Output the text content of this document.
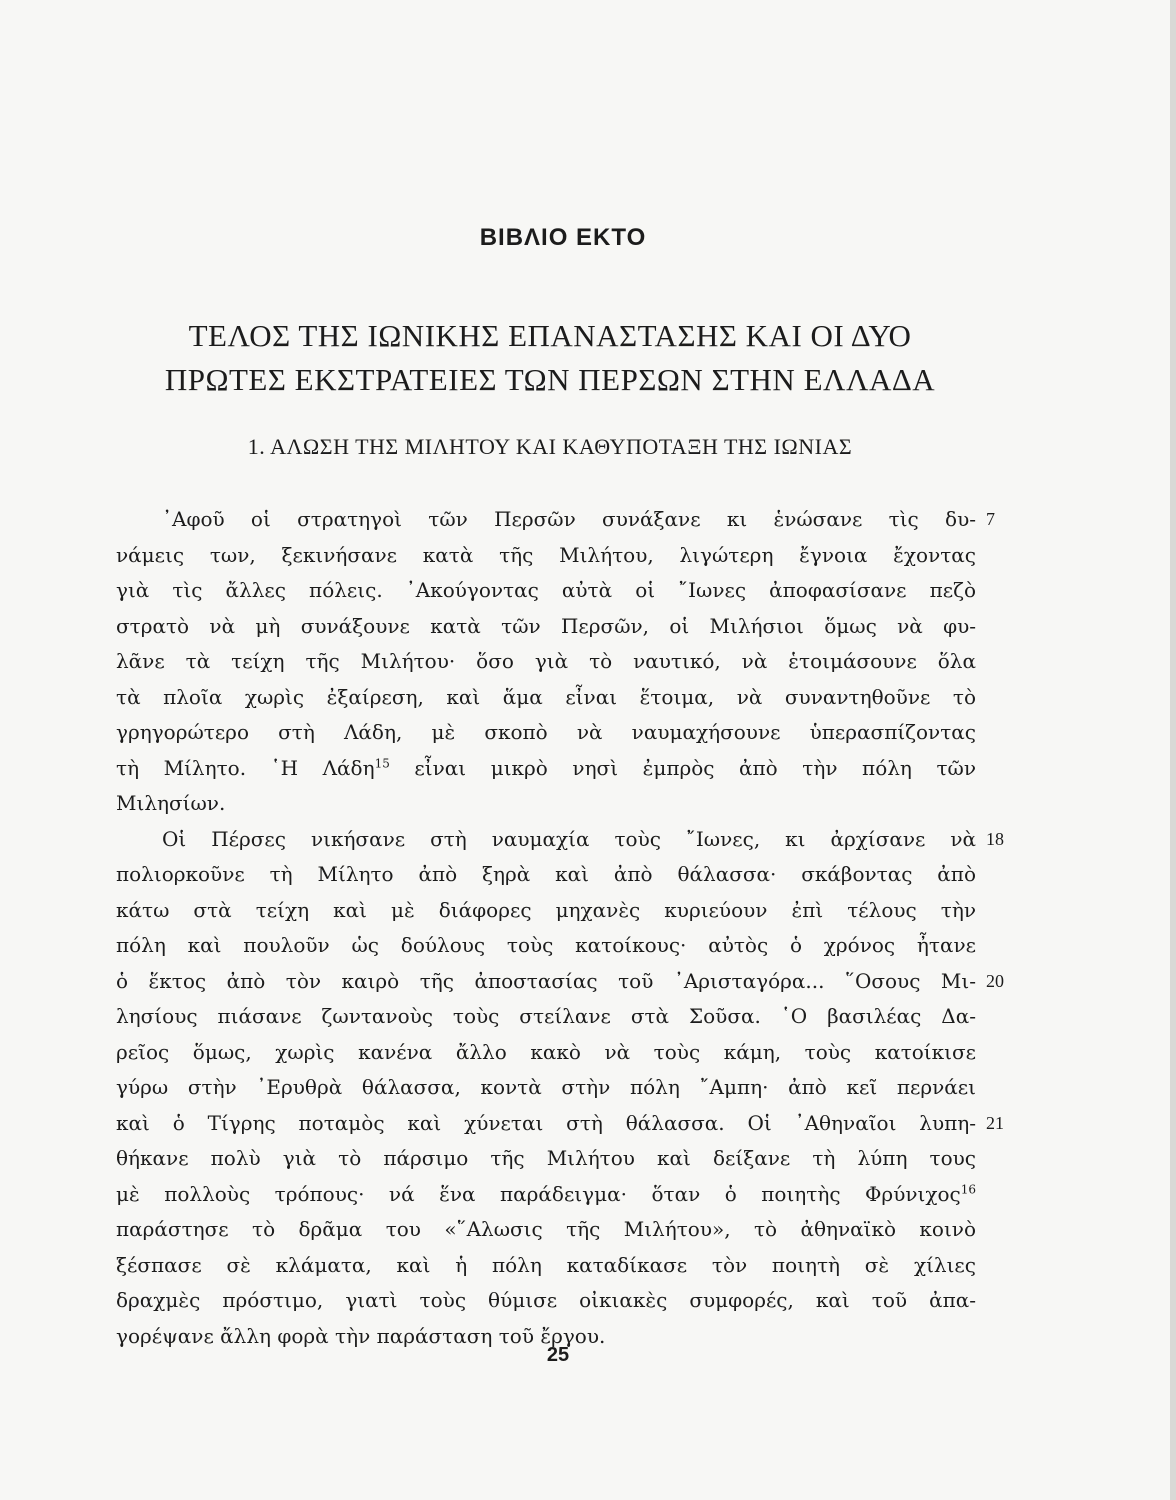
ΒΙΒΛΙΟ ΕΚΤΟ
ΤΕΛΟΣ ΤΗΣ ΙΩΝΙΚΗΣ ΕΠΑΝΑΣΤΑΣΗΣ ΚΑΙ ΟΙ ΔΥΟ
ΠΡΩΤΕΣ ΕΚΣΤΡΑΤΕΙΕΣ ΤΩΝ ΠΕΡΣΩΝ ΣΤΗΝ ΕΛΛΑΔΑ
1. ΑΛΩΣΗ ΤΗΣ ΜΙΛΗΤΟΥ ΚΑΙ ΚΑΘΥΠΟΤΑΞΗ ΤΗΣ ΙΩΝΙΑΣ
᾿Αφοῦ οἱ στρατηγοὶ τῶν Περσῶν συνάξανε κι ἑνώσανε τὶς δυ- 7
νάμεις των, ξεκινήσανε κατὰ τῆς Μιλήτου, λιγώτερη ἔγνοια ἔχοντας
γιὰ τὶς ἄλλες πόλεις. ᾿Ακούγοντας αὐτὰ οἱ ῎Ιωνες ἀποφασίσανε πεζὸ
στρατὸ νὰ μὴ συνάξουνε κατὰ τῶν Περσῶν, οἱ Μιλήσιοι ὅμως νὰ φυ-
λᾶνε τὰ τείχη τῆς Μιλήτου· ὅσο γιὰ τὸ ναυτικό, νὰ ἑτοιμάσουνε ὅλα
τὰ πλοῖα χωρὶς ἐξαίρεση, καὶ ἅμα εἶναι ἕτοιμα, νὰ συναντηθοῦνε τὸ
γρηγορώτερο στὴ Λάδη, μὲ σκοπὸ νὰ ναυμαχήσουνε ὑπερασπίζοντας
τὴ Μίλητο. ῾Η Λάδη$^{15}$ εἶναι μικρὸ νησὶ ἐμπρὸς ἀπὸ τὴν πόλη τῶν
Μιλησίων.
Οἱ Πέρσες νικήσανε στὴ ναυμαχία τοὺς ῎Ιωνες, κι ἀρχίσανε νὰ 18
πολιορκοῦνε τὴ Μίλητο ἀπὸ ξηρὰ καὶ ἀπὸ θάλασσα· σκάβοντας ἀπὸ
κάτω στὰ τείχη καὶ μὲ διάφορες μηχανὲς κυριεύουν ἐπὶ τέλους τὴν
πόλη καὶ πουλοῦν ὡς δούλους τοὺς κατοίκους· αὐτὸς ὁ χρόνος ἦτανε
ὁ ἕκτος ἀπὸ τὸν καιρὸ τῆς ἀποστασίας τοῦ ᾿Αρισταγόρα... ῞Οσους Μι- 20
λησίους πιάσανε ζωντανοὺς τοὺς στείλανε στὰ Σοῦσα. ῾Ο βασιλέας Δα-
ρεῖος ὅμως, χωρὶς κανένα ἄλλο κακὸ νὰ τοὺς κάμη, τοὺς κατοίκισε
γύρω στὴν ᾿Ερυθρὰ θάλασσα, κοντὰ στὴν πόλη ῎Αμπη· ἀπὸ κεῖ περνάει
καὶ ὁ Τίγρης ποταμὸς καὶ χύνεται στὴ θάλασσα. Οἱ ᾿Αθηναῖοι λυπη- 21
θήκανε πολὺ γιὰ τὸ πάρσιμο τῆς Μιλήτου καὶ δείξανε τὴ λύπη τους
μὲ πολλοὺς τρόπους· νά ἕνα παράδειγμα· ὅταν ὁ ποιητὴς Φρύνιχος$^{16}$
παράστησε τὸ δρᾶμα του «῞Αλωσις τῆς Μιλήτου», τὸ ἀθηναϊκὸ κοινὸ
ξέσπασε σὲ κλάματα, καὶ ἡ πόλη καταδίκασε τὸν ποιητὴ σὲ χίλιες
δραχμὲς πρόστιμο, γιατὶ τοὺς θύμισε οἰκιακὲς συμφορές, καὶ τοῦ ἀπα-
γορέψανε ἄλλη φορὰ τὴν παράσταση τοῦ ἔργου.
25
